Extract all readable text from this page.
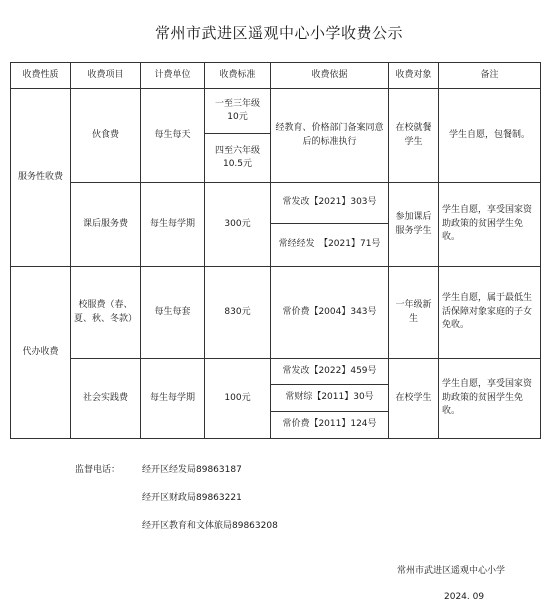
常州市武进区遥观中心小学收费公示
收费性质	收费项目	计费单位	收费标准	收费依据	收费对象	备注
服务性收费	伙食费	每生每天	一至三年级 10元	经教育、价格部门备案同意后的标准执行	在校就餐学生	学生自愿，包餐制。
			四至六年级 10.5元			
	课后服务费	每生每学期	300元	常发改【2021】303号	参加课后服务学生	学生自愿，享受国家资助政策的贫困学生免收。
				常经经发　【2021】71号		
代办收费	校服费（春、夏、秋、冬款）	每生每套	830元	常价费【2004】343号	一年级新生	学生自愿，属于最低生活保障对象家庭的子女免收。
	社会实践费	每生每学期	100元	常发改【2022】459号	在校学生	学生自愿，享受国家资助政策的贫困学生免收。
				常财综【2011】30号		
				常价费【2011】124号		
监督电话： 经开区经发局89863187
经开区财政局89863221
经开区教育和文体旅局89863208
常州市武进区遥观中心小学
2024. 09
